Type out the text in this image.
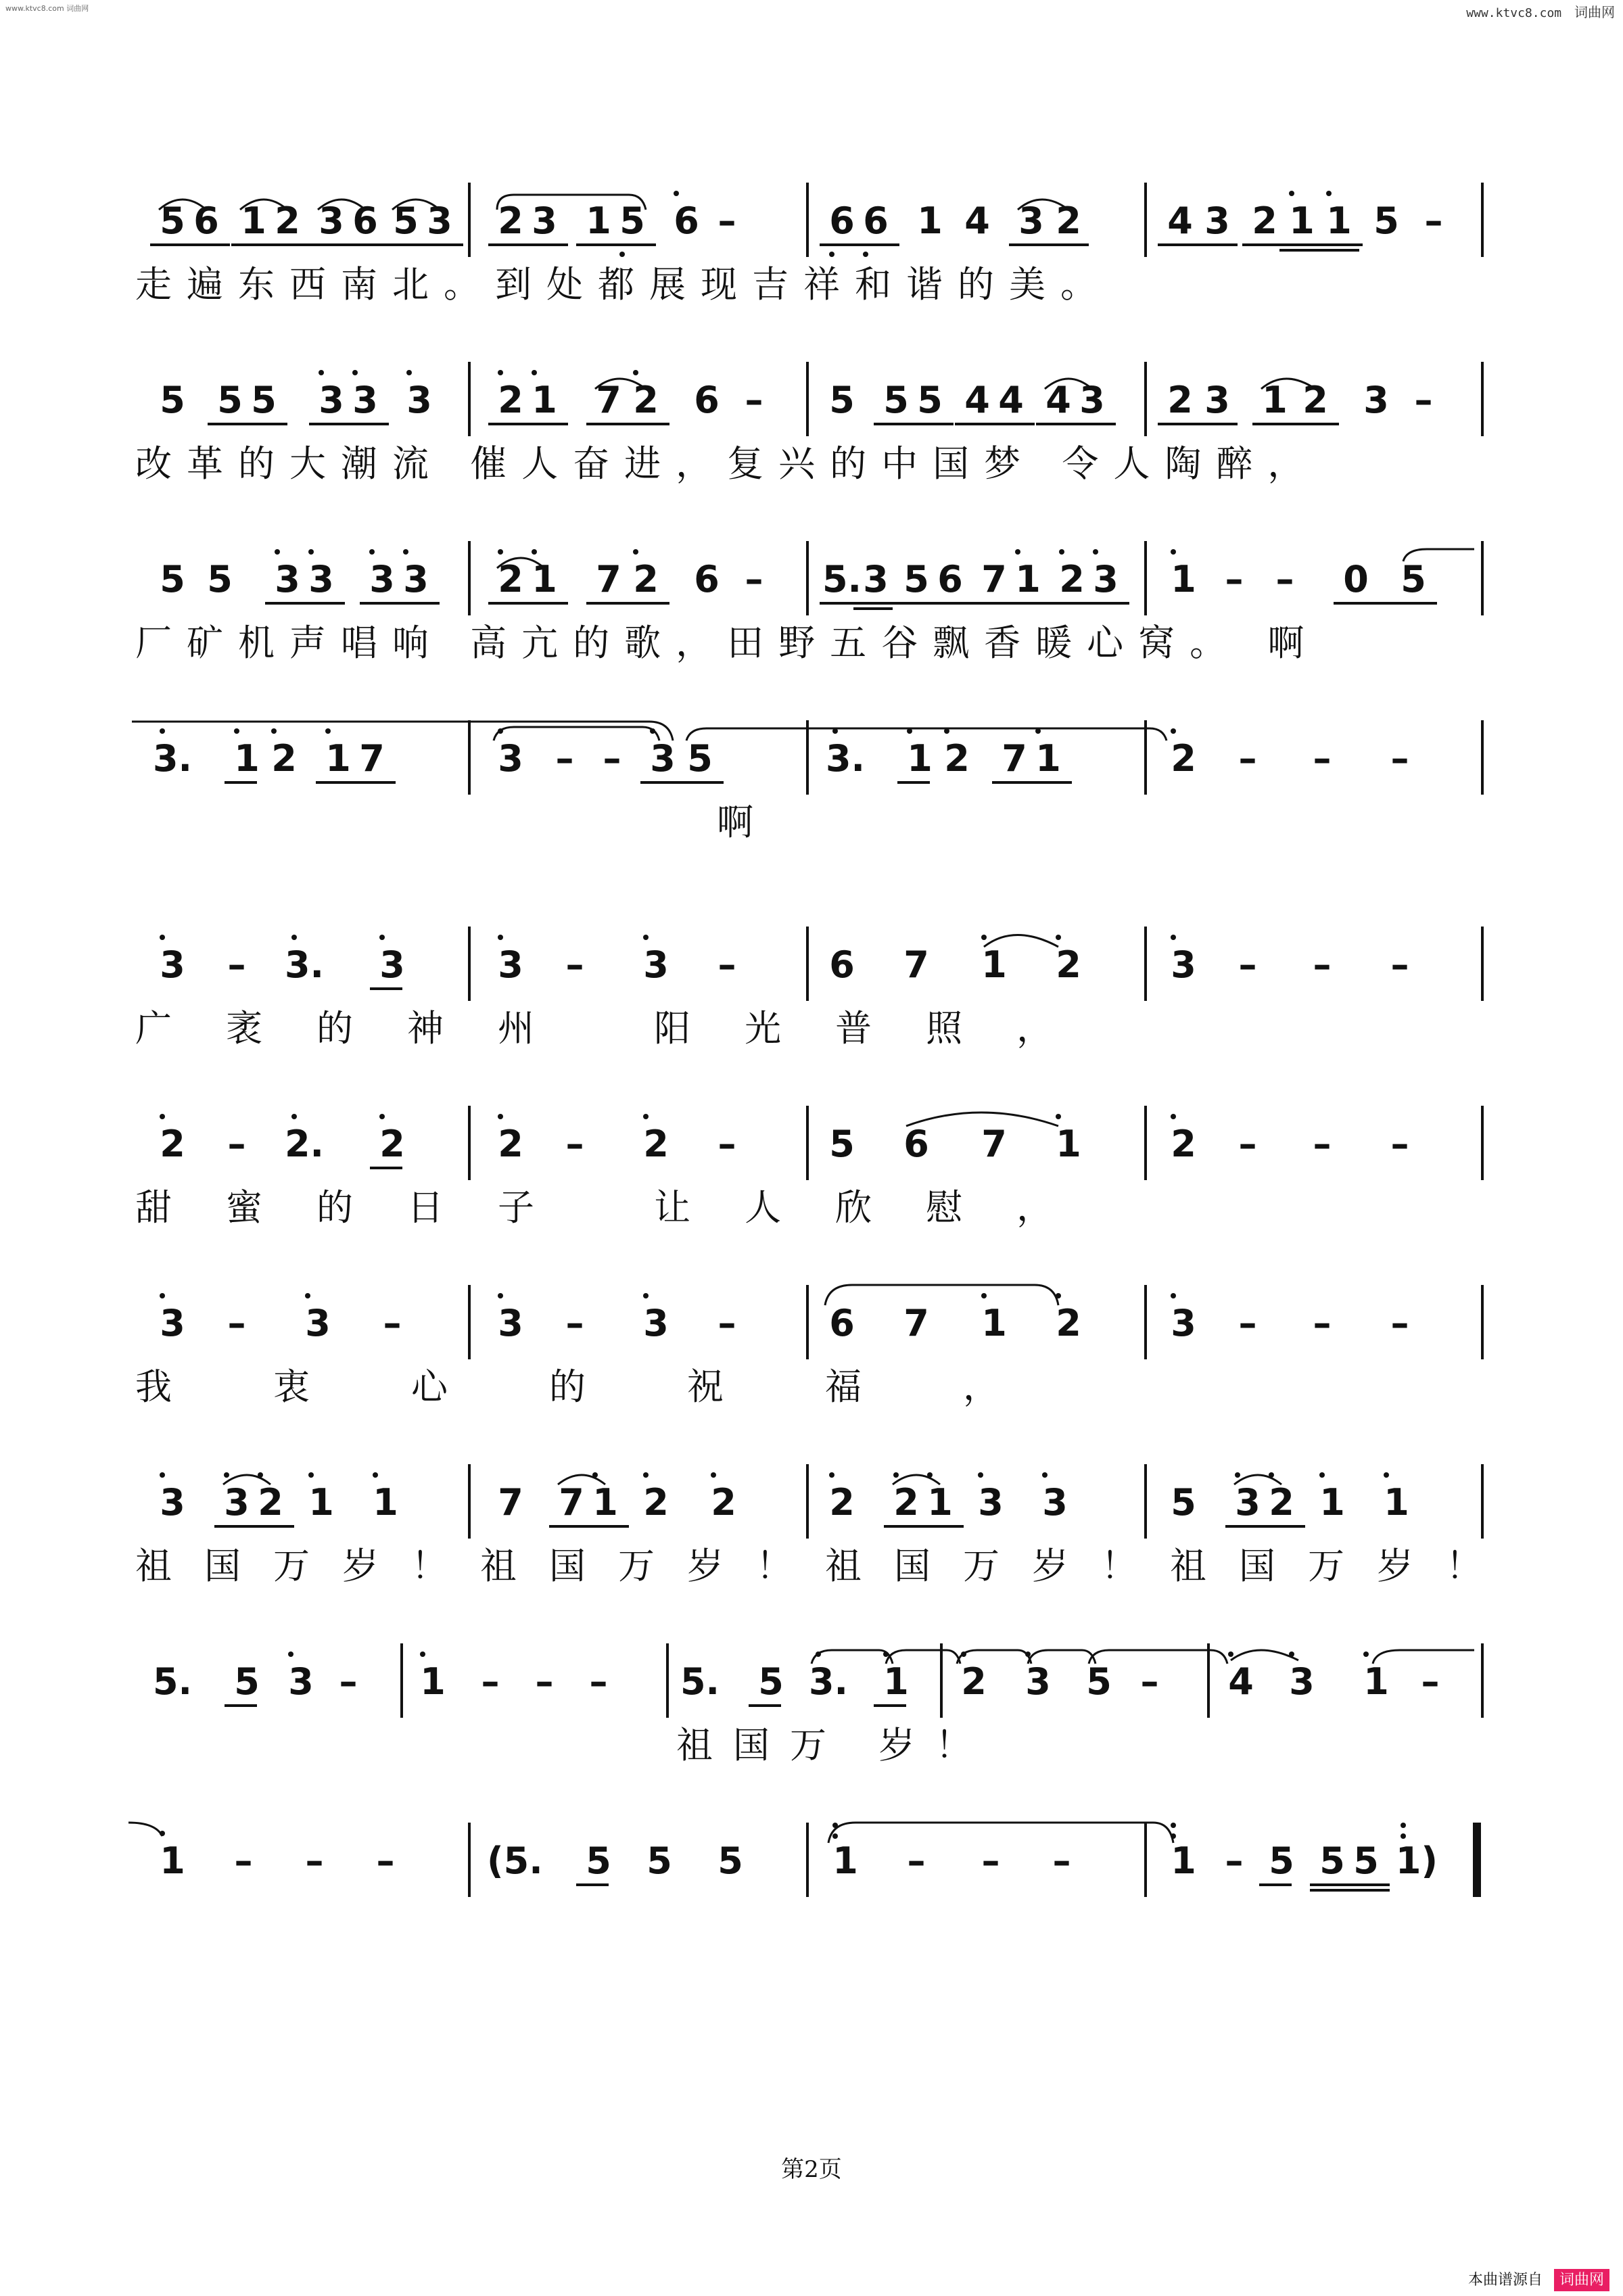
www.ktvc8.com 词曲网	www.ktvc8.com 词曲网
5 6 1 2 3 6 5 3	2 3 1 5 6 –	6 6 1 4 3 2	4 3 2 1 1 5 –
走遍东西南北。到处都展现吉祥和谐的美。
5 5 5	3 3 3	2 1	7 2 6 –	5 5 5 4 4 4 3	2 3 1 2 3 –
改革的大潮流 催人奋进，复兴的中国梦 令人陶醉，
5 5	3 3 3 3	2 1	7 2 6 –	5. 3 5 6 7 1 2 3	1 – –	0 5
厂矿机声唱响 高亢的歌，田野五谷飘香暖心窝。 啊
3.	1 2 1 7	3 – – 3 5	3.	1 2 7 1	2	–	–	–
啊
3	–	3.	3	3	–	3	–	6	7	1	2	3	–	–	–
广袤的神州 阳光普照，
2	–	2.	2	2	–	2	–	5	6	7	1	2	–	–	–
甜蜜的日子 让人欣慰，
3	–	3	–	3	–	3	–	6	7	1	2	3	–	–	–
我衷心的祝福，
3	3 2 1	1	7 7 1 2	2	2	2 1 3	3	5	3 2 1	1
祖国万岁！祖国万岁！祖国万岁！祖国万岁！
5.	5 3 –	1 – – –	5.	5 3. 1	2	3 5 –	4 3	1 –
祖国万 岁！
1	–	–	–	(5.	5 5	5	1	–	–	–	1 – 5 5 5 1)
第2页
本曲谱源自 词曲网
